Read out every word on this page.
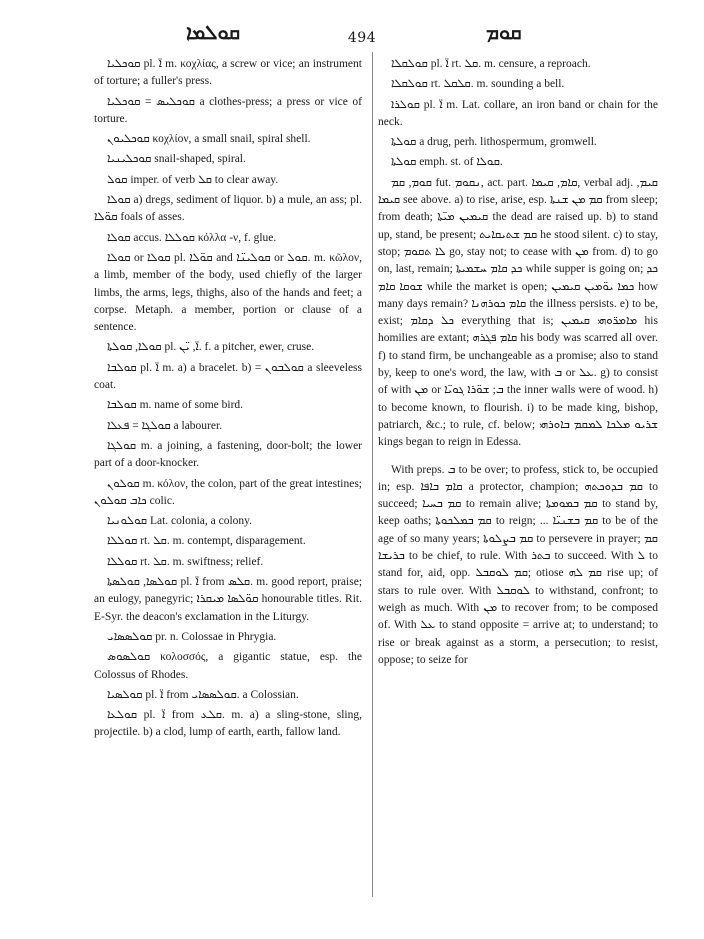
ܩܘܠܡܐ	494	ܩܘܡ

ܩܘܟܠܝܐ pl. ܐ̈ m. κοχλίας, a screw or vice; an instrument of torture; a fuller's press.

ܩܘܟܠܝܣ = ܩܘܟܠܝܐ a clothes-press; a press or vice of torture.

ܩܘܟܠܝܘܢ κοχλίον, a small snail, spiral shell.

ܩܘܟܠܝܢܝܐ snail-shaped, spiral.

ܩܘܠ imper. of verb ܩܠ to clear away.

ܩܘܠܐ a) dregs, sediment of liquor. b) a mule, an ass; pl. ܩܘ̈ܠܐ foals of asses.

ܩܘܠܐ accus. ܩܘܠܠܐ κόλλα -ν, f. glue.

ܩܘܠܐ or ܩܘܠܐ pl. ܩܘ̈ܠܐ and ܩܘܠܝܢ̈ܐ or ܩܘܠ. m. κῶλον, a limb, member of the body, used chiefly of the larger limbs, the arms, legs, thighs, also of the hands and feet; a corpse. Metaph. a member, portion or clause of a sentence.

ܩܘܠܐ, ܩܘܠܬܐ pl. ܐ̈, ܝ̈ܢ. f. a pitcher, ewer, cruse.

ܩܘܠܒܐ pl. ܐ̈ m. a) a bracelet. b) = ܩܘܠܒܘܢ a sleeveless coat.

ܩܘܠܒܐ m. name of some bird.

ܩܘܠܓܐ = ܦܥܠܐ a labourer.

ܩܘܠܓܐ m. a joining, a fastening, door-bolt; the lower part of a door-knocker.

ܩܘܠܘܢ m. κόλον, the colon, part of the great intestines; ܟܐܒ ܩܘܠܘܢ colic.

ܩܘܠܘܢܝܐ Lat. colonia, a colony.

ܩܘܠܠܐ rt. ܩܠ. m. contempt, disparagement.

ܩܘܠܠܐ rt. ܩܠ. m. swiftness; relief.

ܩܘܠܣܐ, ܩܘܠܣܬܐ pl. ܐ̈ from ܩܠܣ. m. good report, praise; an eulogy, panegyric; ܩܘ̈ܠܣܐ ܡܝܩܪܐ honourable titles. Rit. E-Syr. the deacon's exclamation in the Liturgy.

ܩܘܠܣܣܐܝ pr. n. Colossae in Phrygia.

ܩܘܠܣܘܣ κολοσσός, a gigantic statue, esp. the Colossus of Rhodes.

ܩܘܠܣܝܐ pl. ܐ̈ from ܩܘܠܣܣܐܝ. a Colossian.

ܩܘܠܥܐ pl. ܐ̈ from ܩܠܥ. m. a) a sling-stone, sling, projectile. b) a clod, lump of earth, earth, fallow land.

ܩܘܠܩܠܐ pl. ܐ̈ rt. ܩܠ. m. censure, a reproach.

ܩܘܠܩܠܐ rt. ܩܠܩܠ. m. sounding a bell.

ܩܘܠܪܐ pl. ܐ̈ m. Lat. collare, an iron band or chain for the neck.

ܩܘܠܬܐ a drug, perh. lithospermum, gromwell.

ܩܘܠܬܐ emph. st. of ܩܘܠܐ.

ܩܘܡ, ܩܡ fut. ܢܩܘܡ, act. part. ܩܐܡ, ܩܝܡܐ, verbal adj. ܩܝܡ, ܩܝܡܐ see above. a) to rise, arise, esp. ܩܡ ܡܢ ܫܢܬܐ from sleep; from death; ܩܝܡܝܢ ܡܝ̈ܬܐ the dead are raised up. b) to stand up, stand, be present; ܩܡ ܫܬܝܩܐܝܬ he stood silent. c) to stay, stop; ܠܐ ܬܩܘܡ go, stay not; to cease with ܡܢ from. d) to go on, last, remain; ܟܕ ܩܐܡ ܚܫܡܝܬܐ while supper is going on; ܟܕ ܫܘܩܐ ܩܐܡ while the market is open; ܟܡܐ ܝܘ̈ܡܝܢ ܩܝܡܝܢ how many days remain? ܩܐܡ ܟܘܪܗܢܐ the illness persists. e) to be, exist; ܟܠ ܕܩܐܡ everything that is; ܡܐܡܪ̈ܘܗܝ ܩܝܡܝܢ his homilies are extant; ܩܐܡ ܦܓܪܗ his body was scarred all over. f) to stand firm, be unchangeable as a promise; also to stand by, keep to one's word, the law, with ܒ or ܥܠ. g) to consist of with ܡܢ or ܒ; ܫܘ̈ܪܐ ܓܘܝ̈ܐ the inner walls were of wood. h) to become known, to flourish. i) to be made king, bishop, patriarch, &c.; to rule, cf. below; ܫܪܝܘ ܡܠܟܐ ܠܡܩܡ ܒܐܘܪܗܝ kings began to reign in Edessa.

With preps. ܒ to be over; to profess, stick to, be occupied in; esp. ܩܐܡ ܒܐܦܐ a protector, champion; ܩܡ ܒܕܘܟܬܗ to succeed; ܩܡ ܒܚܝܐ to remain alive; ܩܡ ܒܡܘܡܬܐ to stand by, keep oaths; ܩܡ ܒܡܠܟܘܬܐ to reign; ... ܩܡ ܒܫܢܝ̈ܐ to be of the age of so many years; ܩܡ ܒܨܠܘܬܐ to persevere in prayer; ܩܡ ܒܪܝܫܐ to be chief, to rule. With ܒܬܪ to succeed. With ܠ to stand for, aid, opp. ܩܡ ܠܘܩܒܠ; otiose ܩܡ ܠܗ rise up; of stars to rule over. With ܠܘܩܒܠ to withstand, confront; to weigh as much. With ܡܢ to recover from; to be composed of. With ܥܠ to stand opposite = arrive at; to understand; to rise or break against as a storm, a persecution; to resist, oppose; to seize for
